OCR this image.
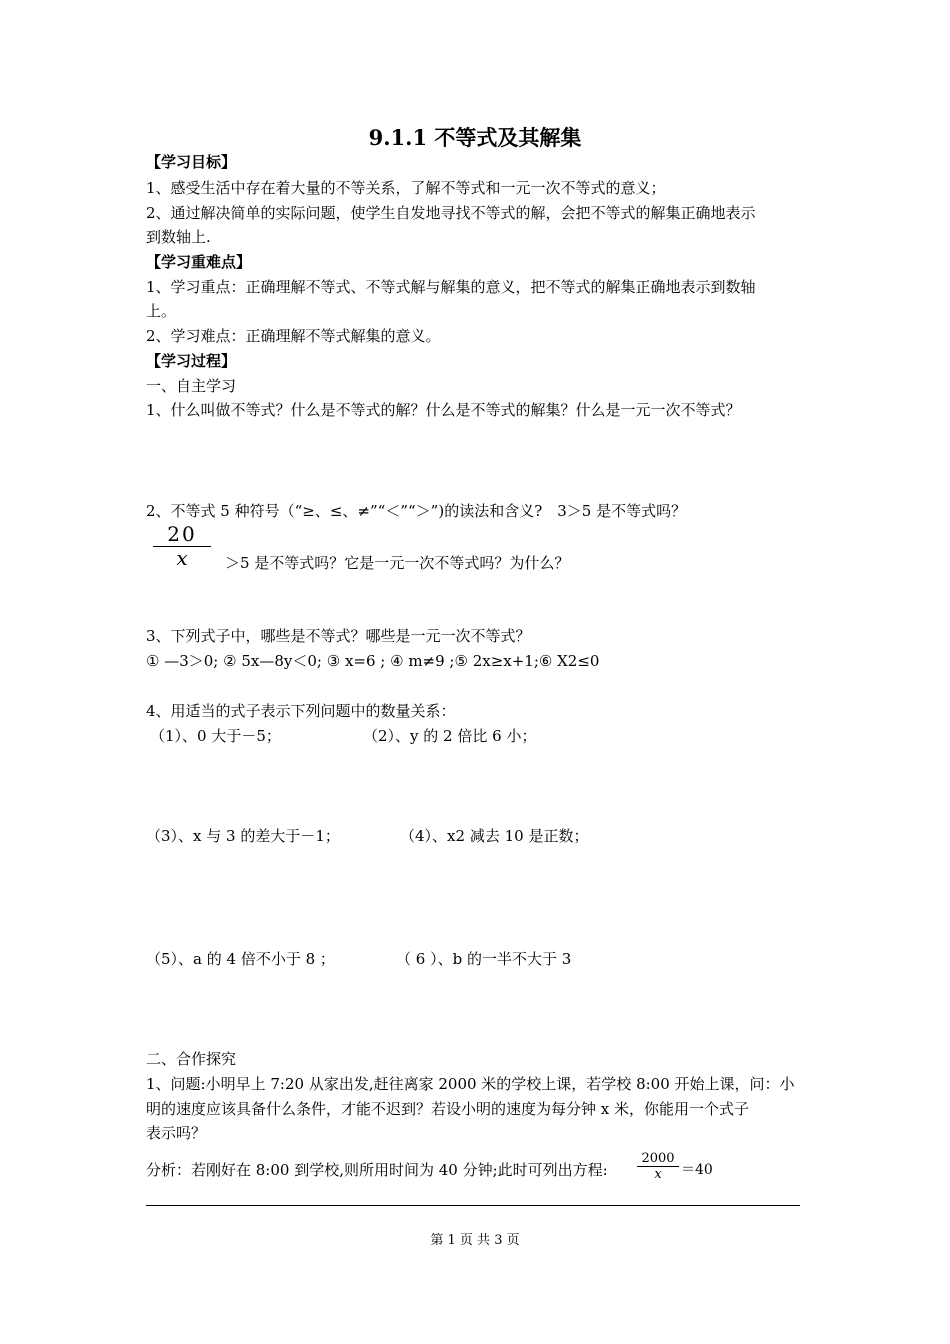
9.1.1 不等式及其解集
【学习目标】
1、感受生活中存在着大量的不等关系，了解不等式和一元一次不等式的意义；
2、通过解决简单的实际问题，使学生自发地寻找不等式的解，会把不等式的解集正确地表示
到数轴上.
【学习重难点】
1、学习重点：正确理解不等式、不等式解与解集的意义，把不等式的解集正确地表示到数轴
上。
2、学习难点：正确理解不等式解集的意义。
【学习过程】
一、自主学习
1、什么叫做不等式？什么是不等式的解？什么是不等式的解集？什么是一元一次不等式？
2、不等式 5 种符号（“≥、≤、≠”“＜”“＞”)的读法和含义?　3＞5 是不等式吗？
20
x	＞5 是不等式吗？它是一元一次不等式吗？为什么？
3、下列式子中，哪些是不等式？哪些是一元一次不等式？
① —3＞0; ② 5x—8y＜0; ③ x=6 ; ④ m≠9 ;⑤ 2x≥x+1;⑥ X2≤0
4、用适当的式子表示下列问题中的数量关系：
（1）、0 大于－5；	（2）、y 的 2 倍比 6 小；
（3）、x 与 3 的差大于－1；	（4）、x2 减去 10 是正数；
（5）、a 的 4 倍不小于 8 ；	（ 6 ）、b 的一半不大于 3
二、合作探究
1、问题:小明早上 7:20 从家出发,赶往离家 2000 米的学校上课，若学校 8:00 开始上课，问：小
明的速度应该具备什么条件，才能不迟到？若设小明的速度为每分钟 x 米，你能用一个式子
表示吗？
分析：若刚好在 8:00 到学校,则所用时间为 40 分钟;此时可列出方程:
2000
x	＝40
第 1 页 共 3 页
